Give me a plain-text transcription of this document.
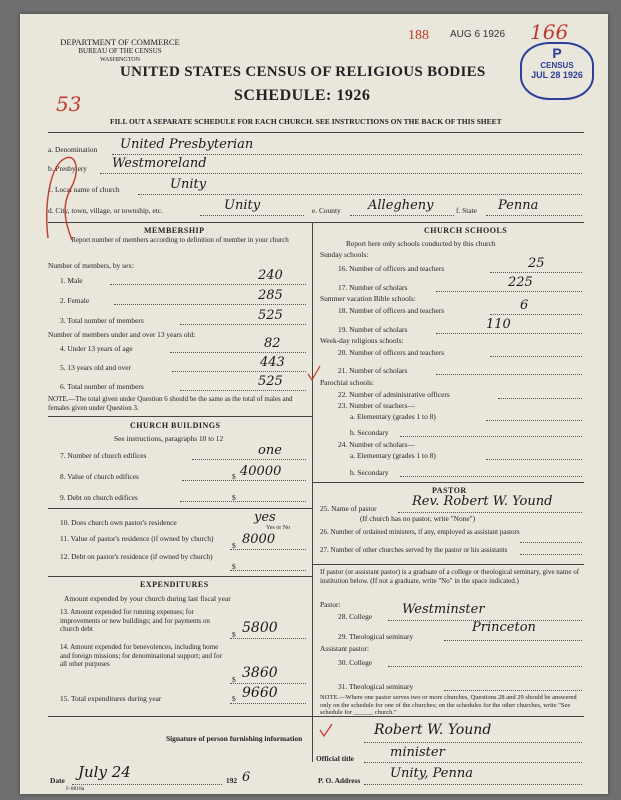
DEPARTMENT OF COMMERCE
BUREAU OF THE CENSUS
WASHINGTON
188 AUG 6 1926 166
P
CENSUS
JUL 28 1926
UNITED STATES CENSUS OF RELIGIOUS BODIES
53	SCHEDULE: 1926
FILL OUT A SEPARATE SCHEDULE FOR EACH CHURCH. SEE INSTRUCTIONS ON THE BACK OF THIS SHEET
a. Denomination United Presbyterian
b. Presbytery Westmoreland
c. Local name of church	Unity
d. City, town, village, or township, etc.	Unity	e. County Allegheny	f. State Penna
MEMBERSHIP
Report number of members according to definition of member in your church
Number of members, by sex:
1. Male	240
2. Female	285
3. Total number of members	525
Number of members under and over 13 years old:
4. Under 13 years of age	82
5. 13 years old and over	443
6. Total number of members	525
NOTE.—The total given under Question 6 should be the same as the total of males and females given under Question 3.
CHURCH BUILDINGS
See instructions, paragraphs 10 to 12
7. Number of church edifices	one
8. Value of church edifices	$ 40000
9. Debt on church edifices	$
10. Does church own pastor's residence	yes
Yes or No
11. Value of pastor's residence (if owned by church)
$ 8000
12. Debt on pastor's residence (if owned by church)
$
EXPENDITURES
Amount expended by your church during last fiscal year
13. Amount expended for running expenses; for improvements or new buildings; and for payments on church debt
$ 5800
14. Amount expended for benevolences, including home and foreign missions; for denominational support; and for all other purposes
$ 3860
15. Total expenditures during year	$ 9660
CHURCH SCHOOLS
Report here only schools conducted by this church
Sunday schools:
16. Number of officers and teachers	25
17. Number of scholars	225
Summer vacation Bible schools:
18. Number of officers and teachers	6
19. Number of scholars	110
Week-day religious schools:
20. Number of officers and teachers
21. Number of scholars
Parochial schools:
22. Number of administrative officers
23. Number of teachers—
a. Elementary (grades 1 to 8)
b. Secondary
24. Number of scholars—
a. Elementary (grades 1 to 8)
b. Secondary
PASTOR
25. Name of pastor	Rev. Robert W. Yound
(If church has no pastor, write "None")
26. Number of ordained ministers, if any, employed as assistant pastors
27. Number of other churches served by the pastor or his assistants
If pastor (or assistant pastor) is a graduate of a college or theological seminary, give name of institution below. (If not a graduate, write "No" in the space indicated.)
Pastor:
28. College Westminster
29. Theological seminary
Princeton
Assistant pastor:
30. College
31. Theological seminary
NOTE.—Where one pastor serves two or more churches, Questions 28 and 29 should be answered only on the schedule for one of the churches; on the schedules for the other churches, write "See schedule for ______ church."
Signature of person furnishing information
Robert W. Yound
Official title	minister
Date July 24	192 6	P. O. Address Unity, Penna
F-8818a
